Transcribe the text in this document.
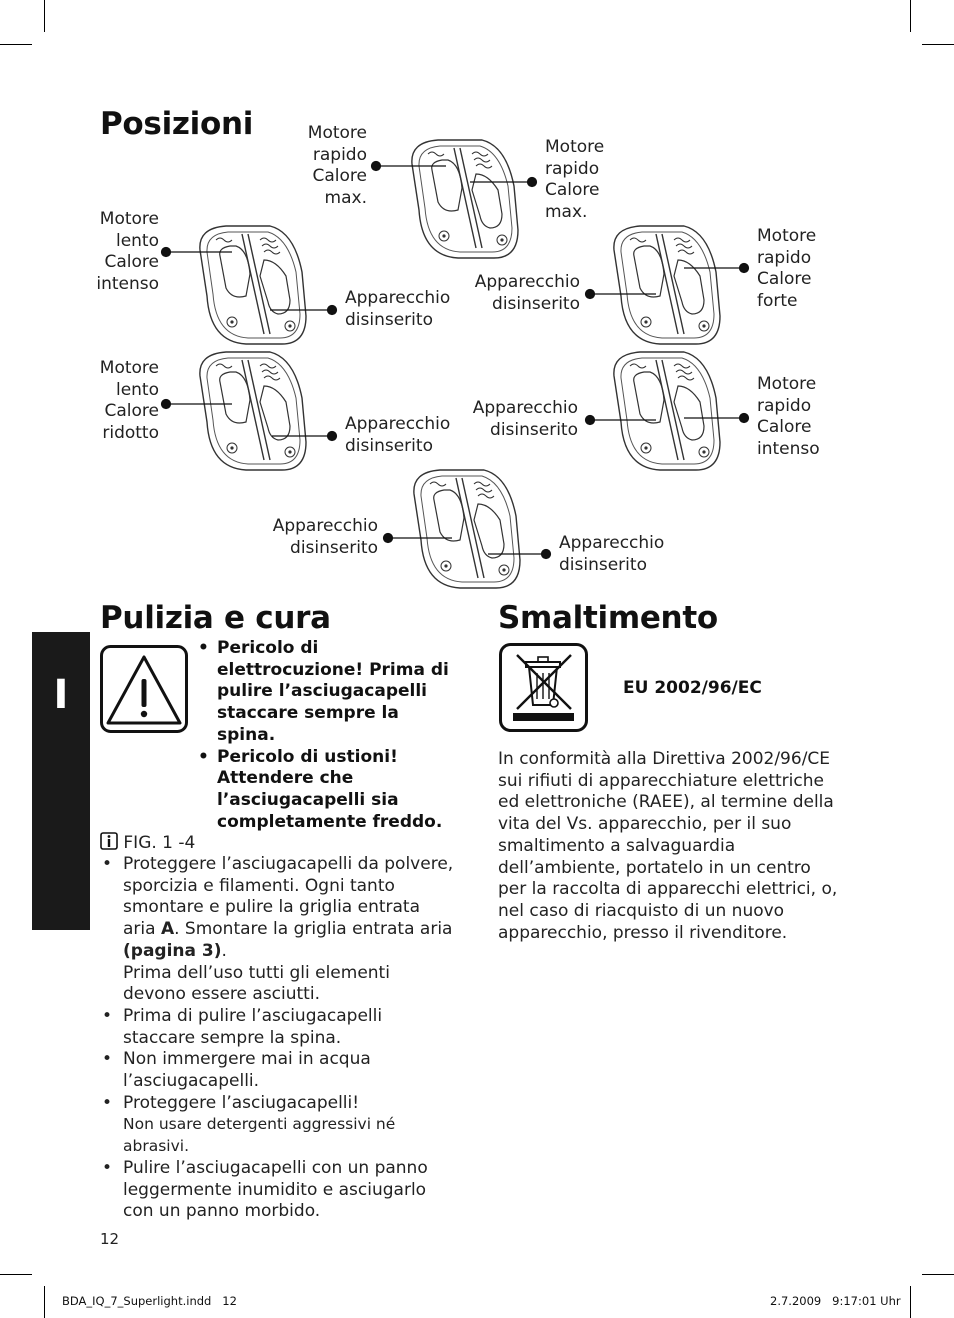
Posizioni	Motore
rapido
Calore
max.
Motore
rapido
Calore
max.
Motore
lento
Calore
intenso
Apparecchio
disinserito
Apparecchio
disinserito
Motore
rapido
Calore
forte
Motore
lento
Calore
ridotto	Apparecchio
disinserito
Apparecchio
disinserito
Motore
rapido
Calore
intenso
Apparecchio
disinserito	Apparecchio
disinserito
I
Pulizia e cura
• Pericolo di elettrocuzione! Prima di pulire l’asciugacapelli staccare sempre la spina.
• Pericolo di ustioni! Attendere che l’asciugacapelli sia completamente freddo.
FIG. 1 -4
• Proteggere l’asciugacapelli da polvere, sporcizia e filamenti. Ogni tanto smontare e pulire la griglia entrata aria A. Smontare la griglia entrata aria (pagina 3).
Prima dell’uso tutti gli elementi devono essere asciutti.
• Prima di pulire l’asciugacapelli staccare sempre la spina.
• Non immergere mai in acqua l’asciugacapelli.
• Proteggere l’asciugacapelli!
Non usare detergenti aggressivi né abrasivi.
• Pulire l’asciugacapelli con un panno leggermente inumidito e asciugarlo con un panno morbido.
Smaltimento
EU 2002/96/EC
In conformità alla Direttiva 2002/96/CE sui rifiuti di apparecchiature elettriche ed elettroniche (RAEE), al termine della vita del Vs. apparecchio, per il suo smaltimento a salvaguardia dell’ambiente, portatelo in un centro per la raccolta di apparecchi elettrici, o, nel caso di riacquisto di un nuovo apparecchio, presso il rivenditore.
12
BDA_IQ_7_Superlight.indd   12	2.7.2009   9:17:01 Uhr
